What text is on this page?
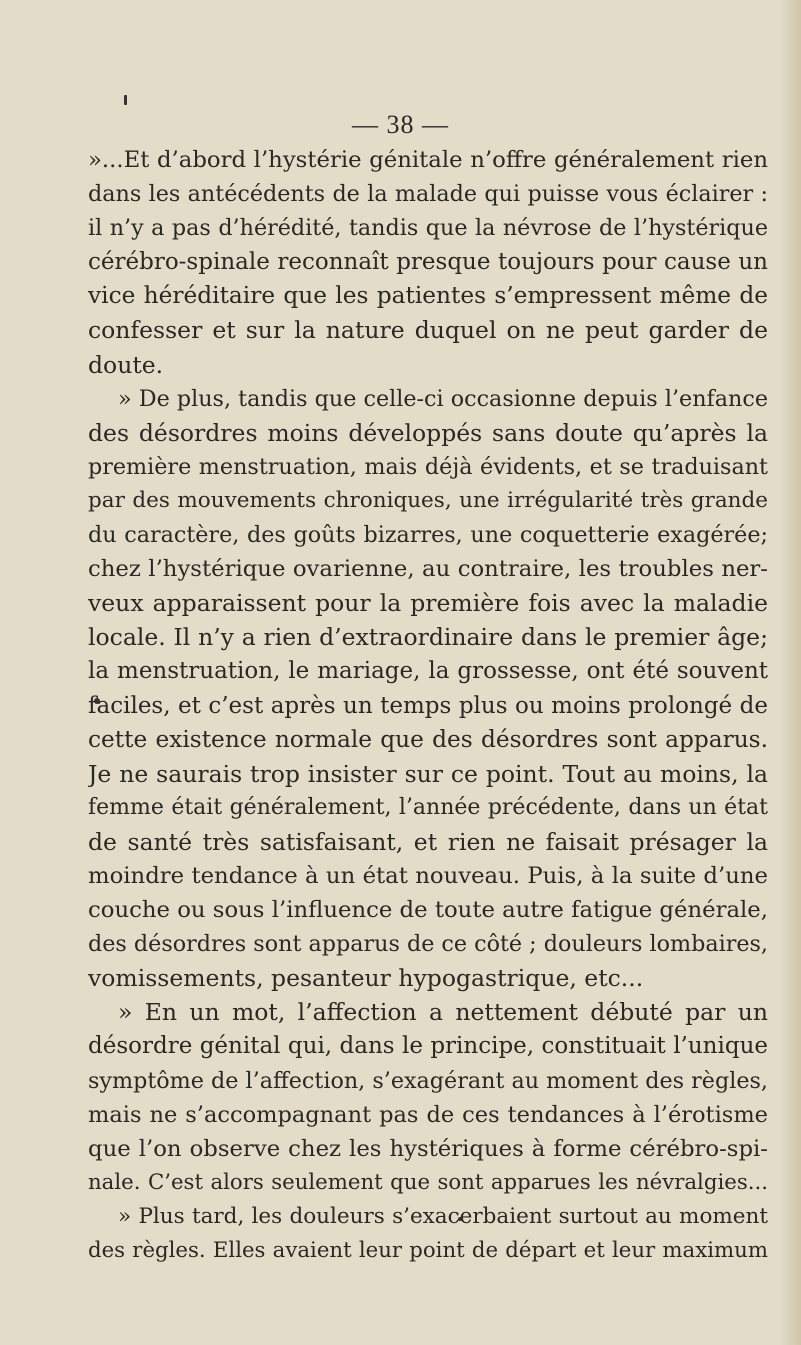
— 38 —
»...Et d’abord l’hystérie génitale n’offre généralement rien
dans les antécédents de la malade qui puisse vous éclairer :
il n’y a pas d’hérédité, tandis que la névrose de l’hystérique
cérébro-spinale reconnaît presque toujours pour cause un
vice héréditaire que les patientes s’empressent même de
confesser et sur la nature duquel on ne peut garder de
doute.
» De plus, tandis que celle-ci occasionne depuis l’enfance
des désordres moins développés sans doute qu’après la
première menstruation, mais déjà évidents, et se traduisant
par des mouvements chroniques, une irrégularité très grande
du caractère, des goûts bizarres, une coquetterie exagérée;
chez l’hystérique ovarienne, au contraire, les troubles ner-
veux apparaissent pour la première fois avec la maladie
locale. Il n’y a rien d’extraordinaire dans le premier âge;
la menstruation, le mariage, la grossesse, ont été souvent
faciles, et c’est après un temps plus ou moins prolongé de
cette existence normale que des désordres sont apparus.
Je ne saurais trop insister sur ce point. Tout au moins, la
femme était généralement, l’année précédente, dans un état
de santé très satisfaisant, et rien ne faisait présager la
moindre tendance à un état nouveau. Puis, à la suite d’une
couche ou sous l’influence de toute autre fatigue générale,
des désordres sont apparus de ce côté ; douleurs lombaires,
vomissements, pesanteur hypogastrique, etc...
» En un mot, l’affection a nettement débuté par un
désordre génital qui, dans le principe, constituait l’unique
symptôme de l’affection, s’exagérant au moment des règles,
mais ne s’accompagnant pas de ces tendances à l’érotisme
que l’on observe chez les hystériques à forme cérébro-spi-
nale. C’est alors seulement que sont apparues les névralgies...
» Plus tard, les douleurs s’exacerbaient surtout au moment
des règles. Elles avaient leur point de départ et leur maximum
